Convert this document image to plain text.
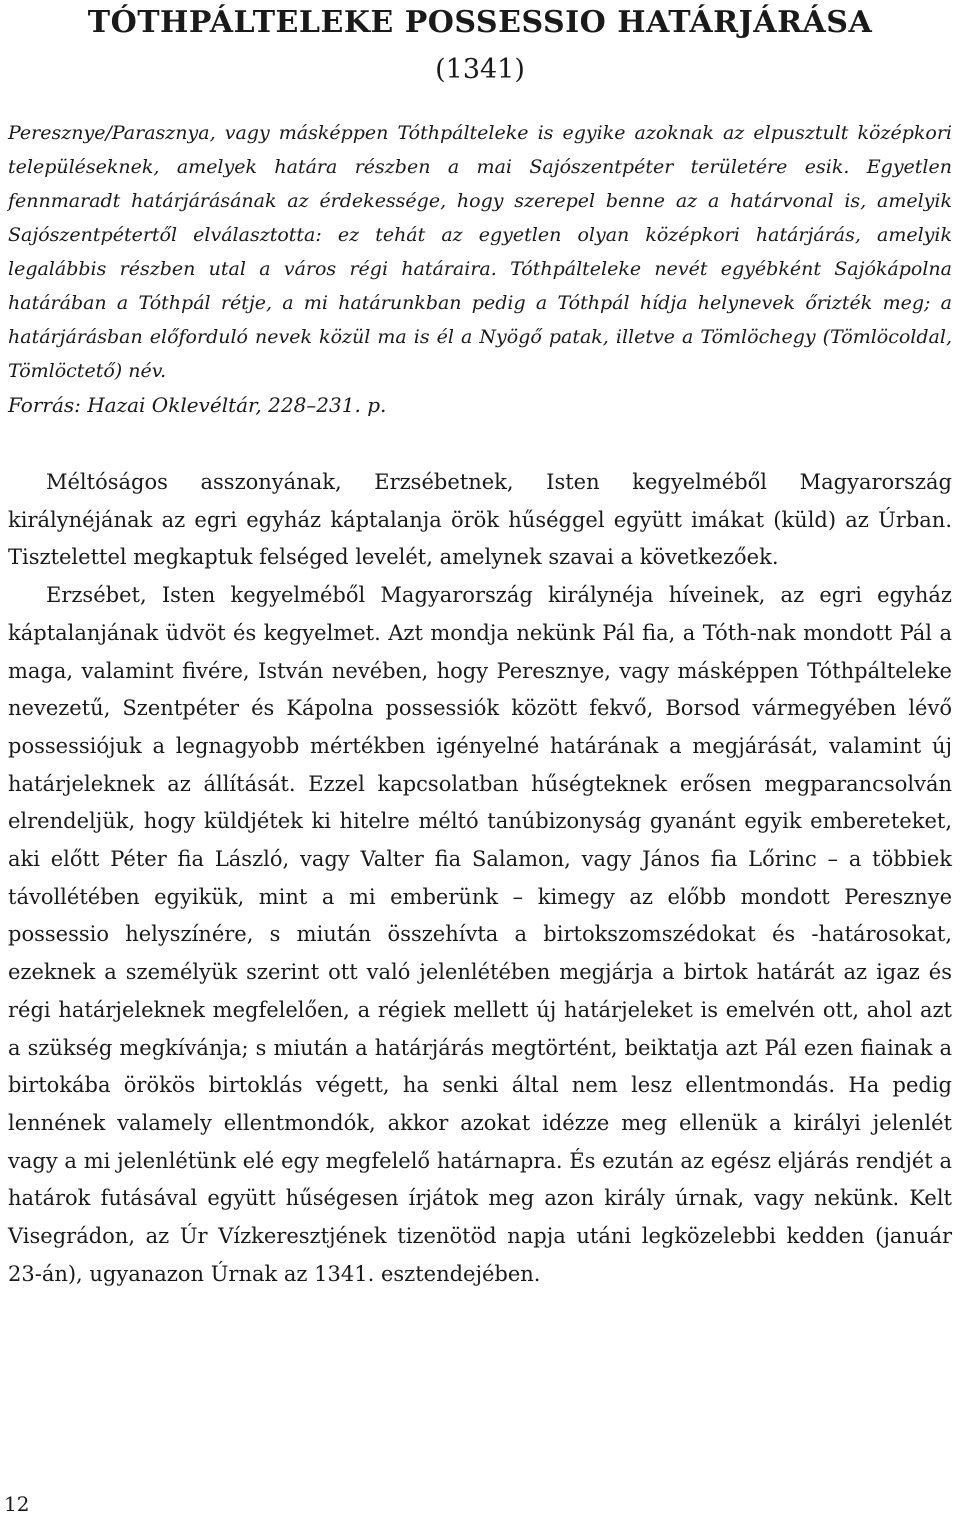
TÓTHPÁLTELEKE POSSESSIO HATÁRJÁRÁSA
(1341)

Peresznye/Parasznya, vagy másképpen Tóthpálteleke is egyike azoknak az elpusztult középkori településeknek, amelyek határa részben a mai Sajószentpéter területére esik. Egyetlen fennmaradt határjárásának az érdekessége, hogy szerepel benne az a határvonal is, amelyik Sajószentpétertől elválasztotta: ez tehát az egyetlen olyan középkori határjárás, amelyik legalábbis részben utal a város régi határaira. Tóthpálteleke nevét egyébként Sajókápolna határában a Tóthpál rétje, a mi határunkban pedig a Tóthpál hídja helynevek őrizték meg; a határjárásban előforduló nevek közül ma is él a Nyögő patak, illetve a Tömlöchegy (Tömlöcoldal, Tömlöctető) név.

Forrás: Hazai Oklevéltár, 228–231. p.

Méltóságos asszonyának, Erzsébetnek, Isten kegyelméből Magyarország királynéjának az egri egyház káptalanja örök hűséggel együtt imákat (küld) az Úrban. Tisztelettel megkaptuk felséged levelét, amelynek szavai a következőek.

Erzsébet, Isten kegyelméből Magyarország királynéja híveinek, az egri egyház káptalanjának üdvöt és kegyelmet. Azt mondja nekünk Pál fia, a Tóth-nak mondott Pál a maga, valamint fivére, István nevében, hogy Peresznye, vagy másképpen Tóthpálteleke nevezetű, Szentpéter és Kápolna possessiók között fekvő, Borsod vármegyében lévő possessiójuk a legnagyobb mértékben igényelné határának a megjárását, valamint új határjeleknek az állítását. Ezzel kapcsolatban hűségteknek erősen megparancsolván elrendeljük, hogy küldjétek ki hitelre méltó tanúbizonyság gyanánt egyik embereteket, aki előtt Péter fia László, vagy Valter fia Salamon, vagy János fia Lőrinc – a többiek távollétében egyikük, mint a mi emberünk – kimegy az előbb mondott Peresznye possessio helyszínére, s miután összehívta a birtokszomszédokat és -határosokat, ezeknek a személyük szerint ott való jelenlétében megjárja a birtok határát az igaz és régi határjeleknek megfelelően, a régiek mellett új határjeleket is emelvén ott, ahol azt a szükség megkívánja; s miután a határjárás megtörtént, beiktatja azt Pál ezen fiainak a birtokába örökös birtoklás végett, ha senki által nem lesz ellentmondás. Ha pedig lennének valamely ellentmondók, akkor azokat idézze meg ellenük a királyi jelenlét vagy a mi jelenlétünk elé egy megfelelő határnapra. És ezután az egész eljárás rendjét a határok futásával együtt hűségesen írjátok meg azon király úrnak, vagy nekünk. Kelt Visegrádon, az Úr Vízkeresztjének tizenötöd napja utáni legközelebbi kedden (január 23-án), ugyanazon Úrnak az 1341. esztendejében.

12
